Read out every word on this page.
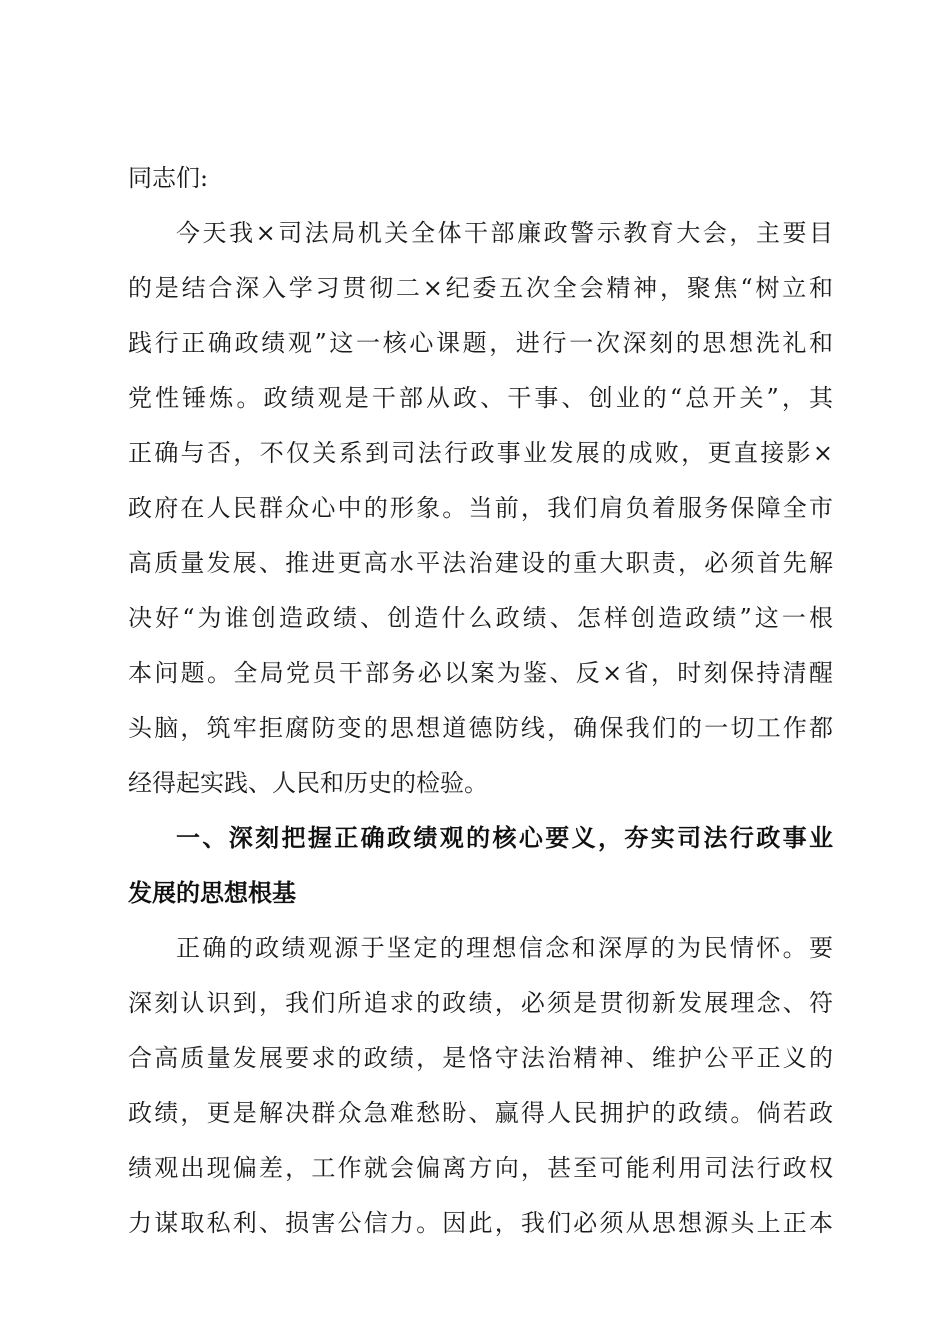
同志们:
今天我×司法局机关全体干部廉政警示教育大会，主要目
的是结合深入学习贯彻二×纪委五次全会精神，聚焦“树立和
践行正确政绩观”这一核心课题，进行一次深刻的思想洗礼和
党性锤炼。政绩观是干部从政、干事、创业的“总开关”，其
正确与否，不仅关系到司法行政事业发展的成败，更直接影×
政府在人民群众心中的形象。当前，我们肩负着服务保障全市
高质量发展、推进更高水平法治建设的重大职责，必须首先解
决好“为谁创造政绩、创造什么政绩、怎样创造政绩”这一根
本问题。全局党员干部务必以案为鉴、反×省，时刻保持清醒
头脑，筑牢拒腐防变的思想道德防线，确保我们的一切工作都
经得起实践、人民和历史的检验。
一、深刻把握正确政绩观的核心要义，夯实司法行政事业
发展的思想根基
正确的政绩观源于坚定的理想信念和深厚的为民情怀。要
深刻认识到，我们所追求的政绩，必须是贯彻新发展理念、符
合高质量发展要求的政绩，是恪守法治精神、维护公平正义的
政绩，更是解决群众急难愁盼、赢得人民拥护的政绩。倘若政
绩观出现偏差，工作就会偏离方向，甚至可能利用司法行政权
力谋取私利、损害公信力。因此，我们必须从思想源头上正本
